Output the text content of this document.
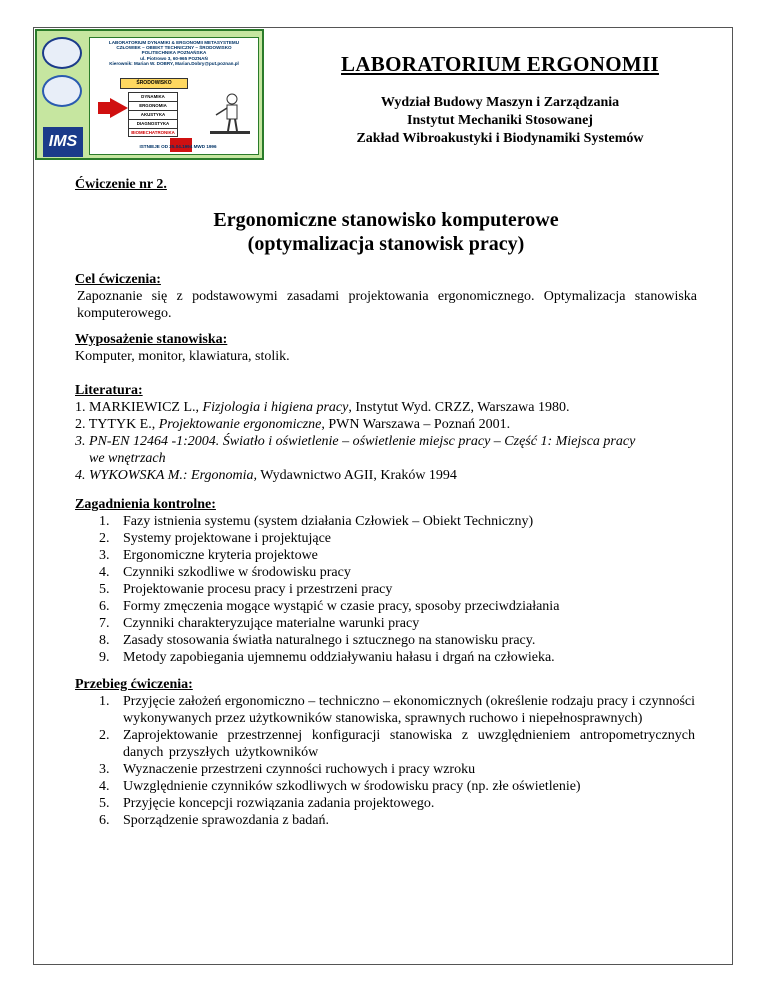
IMS
LABORATORIUM DYNAMIKI & ERGONOMII METASYSTEMU
CZŁOWIEK – OBIEKT TECHNICZNY – ŚRODOWISKO
POLITECHNIKA POZNAŃSKA
ul. Piotrowo 3, 60-965 POZNAŃ
Kierownik: Marian W. DOBRY, Marian.Dobry@put.poznan.pl
ŚRODOWISKO
DYNAMIKA
ERGONOMIA
AKUSTYKA
DIAGNOSTYKA
BIOMECHATRONIKA
ISTNIEJE OD 25.04.1994 MWD 1996
LABORATORIUM ERGONOMII
Wydział Budowy Maszyn i Zarządzania
Instytut Mechaniki Stosowanej
Zakład Wibroakustyki i Biodynamiki Systemów
Ćwiczenie nr 2.
Ergonomiczne stanowisko komputerowe
(optymalizacja stanowisk pracy)
Cel ćwiczenia:
Zapoznanie się z podstawowymi zasadami projektowania ergonomicznego. Optymalizacja stanowiska komputerowego.
Wyposażenie stanowiska:
Komputer, monitor, klawiatura, stolik.
Literatura:
1. MARKIEWICZ L., Fizjologia i higiena pracy, Instytut Wyd. CRZZ, Warszawa 1980.
2. TYTYK E., Projektowanie ergonomiczne, PWN Warszawa – Poznań 2001.
3. PN-EN 12464 -1:2004. Światło i oświetlenie – oświetlenie miejsc pracy – Część 1: Miejsca pracy
we wnętrzach
4. WYKOWSKA M.: Ergonomia, Wydawnictwo AGII, Kraków 1994
Zagadnienia kontrolne:
1. Fazy istnienia systemu (system działania Człowiek – Obiekt Techniczny)
2. Systemy projektowane i projektujące
3. Ergonomiczne kryteria projektowe
4. Czynniki szkodliwe w środowisku pracy
5. Projektowanie procesu pracy i przestrzeni pracy
6. Formy zmęczenia mogące wystąpić w czasie pracy, sposoby przeciwdziałania
7. Czynniki charakteryzujące materialne warunki pracy
8. Zasady stosowania światła naturalnego i sztucznego na stanowisku pracy.
9. Metody zapobiegania ujemnemu oddziaływaniu hałasu i drgań na człowieka.
Przebieg ćwiczenia:
1. Przyjęcie założeń ergonomiczno – techniczno – ekonomicznych (określenie rodzaju pracy i czynności wykonywanych przez użytkowników stanowiska, sprawnych ruchowo i niepełnosprawnych)
2. Zaprojektowanie przestrzennej konfiguracji stanowiska z uwzględnieniem antropometrycznych danych przyszłych użytkowników
3. Wyznaczenie przestrzeni czynności ruchowych i pracy wzroku
4. Uwzględnienie czynników szkodliwych w środowisku pracy (np. złe oświetlenie)
5. Przyjęcie koncepcji rozwiązania zadania projektowego.
6. Sporządzenie sprawozdania z badań.
